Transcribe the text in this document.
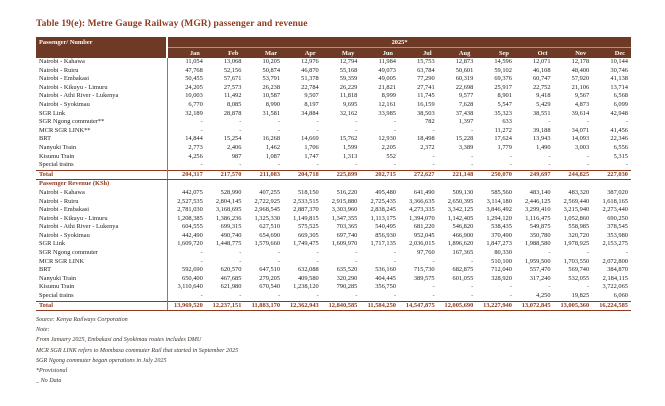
Table 19(e): Metre Gauge Railway (MGR) passenger and revenue
Passenger/ Number	2025*											
	Jan	Feb	Mar	Apr	May	Jun	Jul	Aug	Sep	Oct	Nov	Dec
Nairobi - Kahawa	11,054	13,068	10,205	12,976	12,794	11,984	15,753	12,873	14,596	12,071	12,178	10,144
Nairobi - Ruiru	47,768	52,156	50,874	46,870	55,168	49,073	63,784	50,601	59,102	46,108	48,400	30,746
Nairobi - Embakasi	50,455	57,671	53,791	51,378	59,359	49,005	77,290	60,319	69,376	60,747	57,920	41,138
Nairobi - Kikuyu - Limuru	24,205	27,573	26,238	22,784	26,229	21,821	27,741	22,698	25,917	22,752	21,106	13,714
Nairobi - Athi River - Lukenya	10,003	11,492	10,587	9,507	11,818	8,999	11,745	9,577	8,901	9,418	9,567	6,568
Nairobi - Syokimau	6,770	8,085	8,990	8,197	9,695	12,161	16,159	7,628	5,547	5,429	4,873	6,099
SGR Link	32,189	28,878	31,581	34,884	32,162	33,985	38,503	37,438	35,323	38,551	39,614	42,948
SGR Ngong commuter**	-	-	-	-	-	-	782	1,397	633	-	-	-
MCR SGR LINK**	-	-	-	-	-	-	-	-	11,272	39,188	34,071	41,456
BRT	14,844	15,254	16,268	14,669	15,762	12,930	18,498	15,228	17,624	13,943	14,093	22,346
Nanyuki Train	2,773	2,406	1,462	1,706	1,599	2,205	2,372	3,389	1,779	1,490	3,003	6,556
Kisumu Train	4,256	987	1,087	1,747	1,313	552	-	-	-	-	-	5,315
Special trains	-	-	-	-	-	-	-	-	-	-	-	-
Total	204,317	217,570	211,083	204,718	225,899	202,715	272,627	221,148	250,070	249,697	244,825	227,030
Passenger Revenue (KSh)												
Nairobi - Kahawa	442,075	528,990	407,255	518,150	516,220	495,480	641,490	509,130	585,560	483,140	483,320	387,020
Nairobi - Ruiru	2,527,535	2,804,145	2,722,925	2,533,515	2,915,880	2,725,435	3,366,635	2,650,395	3,114,180	2,446,125	2,569,440	1,618,165
Nairobi - Embakasi	2,781,030	3,168,695	2,968,545	2,887,370	3,303,960	2,838,245	4,273,335	3,342,125	3,846,492	3,299,410	3,215,940	2,273,440
Nairobi - Kikuyu - Limuru	1,208,385	1,386,236	1,325,330	1,149,815	1,347,355	1,113,175	1,394,070	1,142,405	1,294,120	1,116,475	1,052,860	690,250
Nairobi - Athi River - Lukenya	604,555	699,315	627,510	575,525	703,365	540,495	681,220	546,820	538,435	549,875	558,985	378,545
Nairobi - Syokimau	442,490	490,740	654,690	669,305	697,740	856,930	952,045	466,900	370,490	350,780	320,720	353,980
SGR Link	1,609,720	1,448,775	1,579,660	1,749,475	1,609,970	1,717,135	2,036,015	1,896,620	1,847,273	1,988,580	1,978,925	2,153,275
SGR Ngong commuter	-	-	-	-	-	-	97,760	167,365	80,330	-	-	-
MCR SGR LINK	-	-	-	-	-	-	-	-	510,100	1,959,500	1,703,550	2,072,800
BRT	592,690	620,570	647,510	632,088	635,520	536,160	715,730	682,875	712,040	557,470	569,740	384,870
Nanyuki Train	650,400	467,685	279,205	409,580	320,290	404,445	389,575	601,055	328,920	317,240	532,055	2,184,115
Kisumu Train	3,110,640	621,980	670,540	1,238,120	790,285	356,750	-	-	-	-	-	3,722,065
Special trains	-	-	-	-	-	-	-	-	-	4,250	19,825	6,060
Total	13,969,520	12,237,151	11,883,170	12,362,943	12,840,585	11,584,250	14,547,875	12,005,690	13,227,940	13,072,845	13,005,360	16,224,585

Source: Kenya Railways Corporation

Note:

From January 2025, Embakasi and Syokimau routes includes DMU

MCR SGR LINK refers to Mombasa commuter Rail that started in September 2025

SGR Ngong commuter began operations in July 2025

*Provisional

_ No Data
